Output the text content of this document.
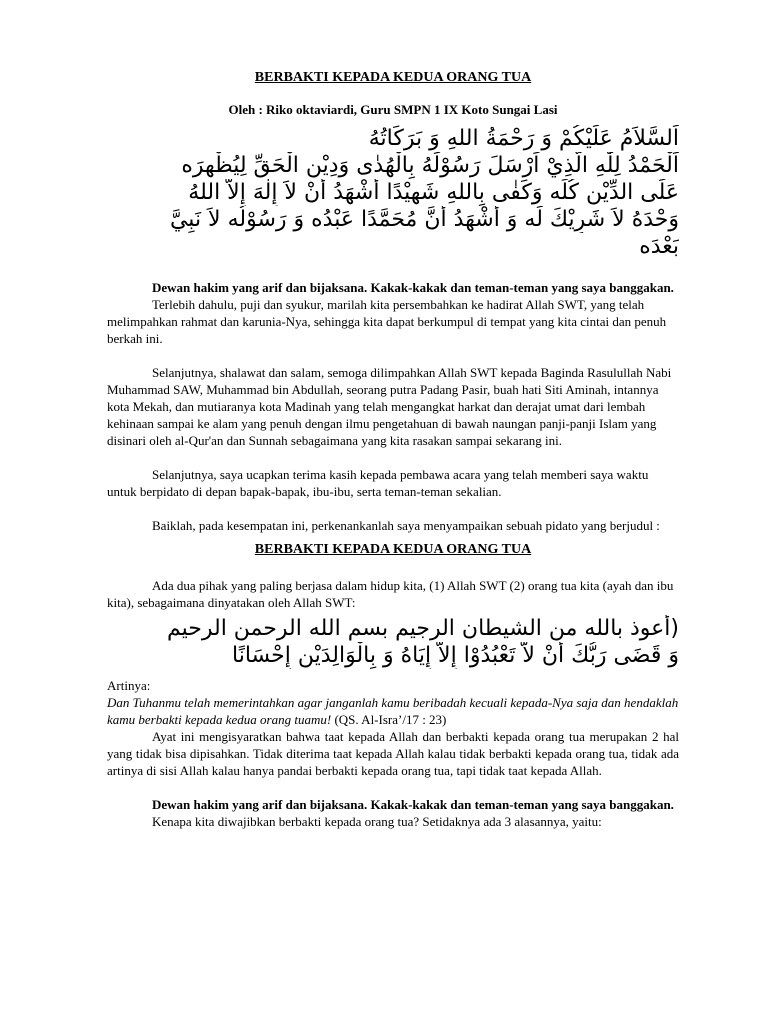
BERBAKTI KEPADA KEDUA ORANG TUA

Oleh : Riko oktaviardi, Guru SMPN 1 IX Koto Sungai Lasi

اَلسَّلاَمُ عَلَيْكُمْ وَ رَحْمَةُ اللهِ وَ بَرَكَاتُهُ
اَلْحَمْدُ لِلّٰهِ الَّذِيْ اَرْسَلَ رَسُوْلَهُ بِالْهُدٰى وَدِيْنِ الْحَقِّ لِيُظْهِرَه
عَلَى الدِّيْنِ كُلِّه وَكَفٰى بِاللهِ شَهِيْدًا أَشْهَدُ أَنْ لاَ إِلٰهَ إِلاَّ اللهُ
وَحْدَهُ لاَ شَرِيْكَ لَه وَ أَشْهَدُ أَنَّ مُحَمَّدًا عَبْدُه وَ رَسُوْلُه لاَ نَبِيَّ
بَعْدَه

Dewan hakim yang arif dan bijaksana. Kakak-kakak dan teman-teman yang saya banggakan.

Terlebih dahulu, puji dan syukur, marilah kita persembahkan ke hadirat Allah SWT, yang telah melimpahkan rahmat dan karunia-Nya, sehingga kita dapat berkumpul di tempat yang kita cintai dan penuh berkah ini.

Selanjutnya, shalawat dan salam, semoga dilimpahkan Allah SWT kepada Baginda Rasulullah Nabi Muhammad SAW, Muhammad bin Abdullah, seorang putra Padang Pasir, buah hati Siti Aminah, intannya kota Mekah, dan mutiaranya kota Madinah yang telah mengangkat harkat dan derajat umat dari lembah kehinaan sampai ke alam yang penuh dengan ilmu pengetahuan di bawah naungan panji-panji Islam yang disinari oleh al-Qur'an dan Sunnah sebagaimana yang kita rasakan sampai sekarang ini.

Selanjutnya, saya ucapkan terima kasih kepada pembawa acara yang telah memberi saya waktu untuk berpidato di depan bapak-bapak, ibu-ibu, serta teman-teman sekalian.

Baiklah, pada kesempatan ini, perkenankanlah saya menyampaikan sebuah pidato yang berjudul :

BERBAKTI KEPADA KEDUA ORANG TUA

Ada dua pihak yang paling berjasa dalam hidup kita, (1) Allah SWT (2) orang tua kita (ayah dan ibu kita), sebagaimana dinyatakan oleh Allah SWT:

(أعوذ بالله من الشيطان الرجيم بسم الله الرحمن الرحيم
وَ قَضَى رَبُّكَ أَنْ لاَّ تَعْبُدُوْا إِلاَّ إِيَاهُ وَ بِالْوَالِدَيْنِ إِحْسَانًا

Artinya:

Dan Tuhanmu telah memerintahkan agar janganlah kamu beribadah kecuali kepada-Nya saja dan hendaklah kamu berbakti kepada kedua orang tuamu! (QS. Al-Isra’/17 : 23)

Ayat ini mengisyaratkan bahwa taat kepada Allah dan berbakti kepada orang tua merupakan 2 hal yang tidak bisa dipisahkan. Tidak diterima taat kepada Allah kalau tidak berbakti kepada orang tua, tidak ada artinya di sisi Allah kalau hanya pandai berbakti kepada orang tua, tapi tidak taat kepada Allah.

Dewan hakim yang arif dan bijaksana. Kakak-kakak dan teman-teman yang saya banggakan.

Kenapa kita diwajibkan berbakti kepada orang tua? Setidaknya ada 3 alasannya, yaitu:
